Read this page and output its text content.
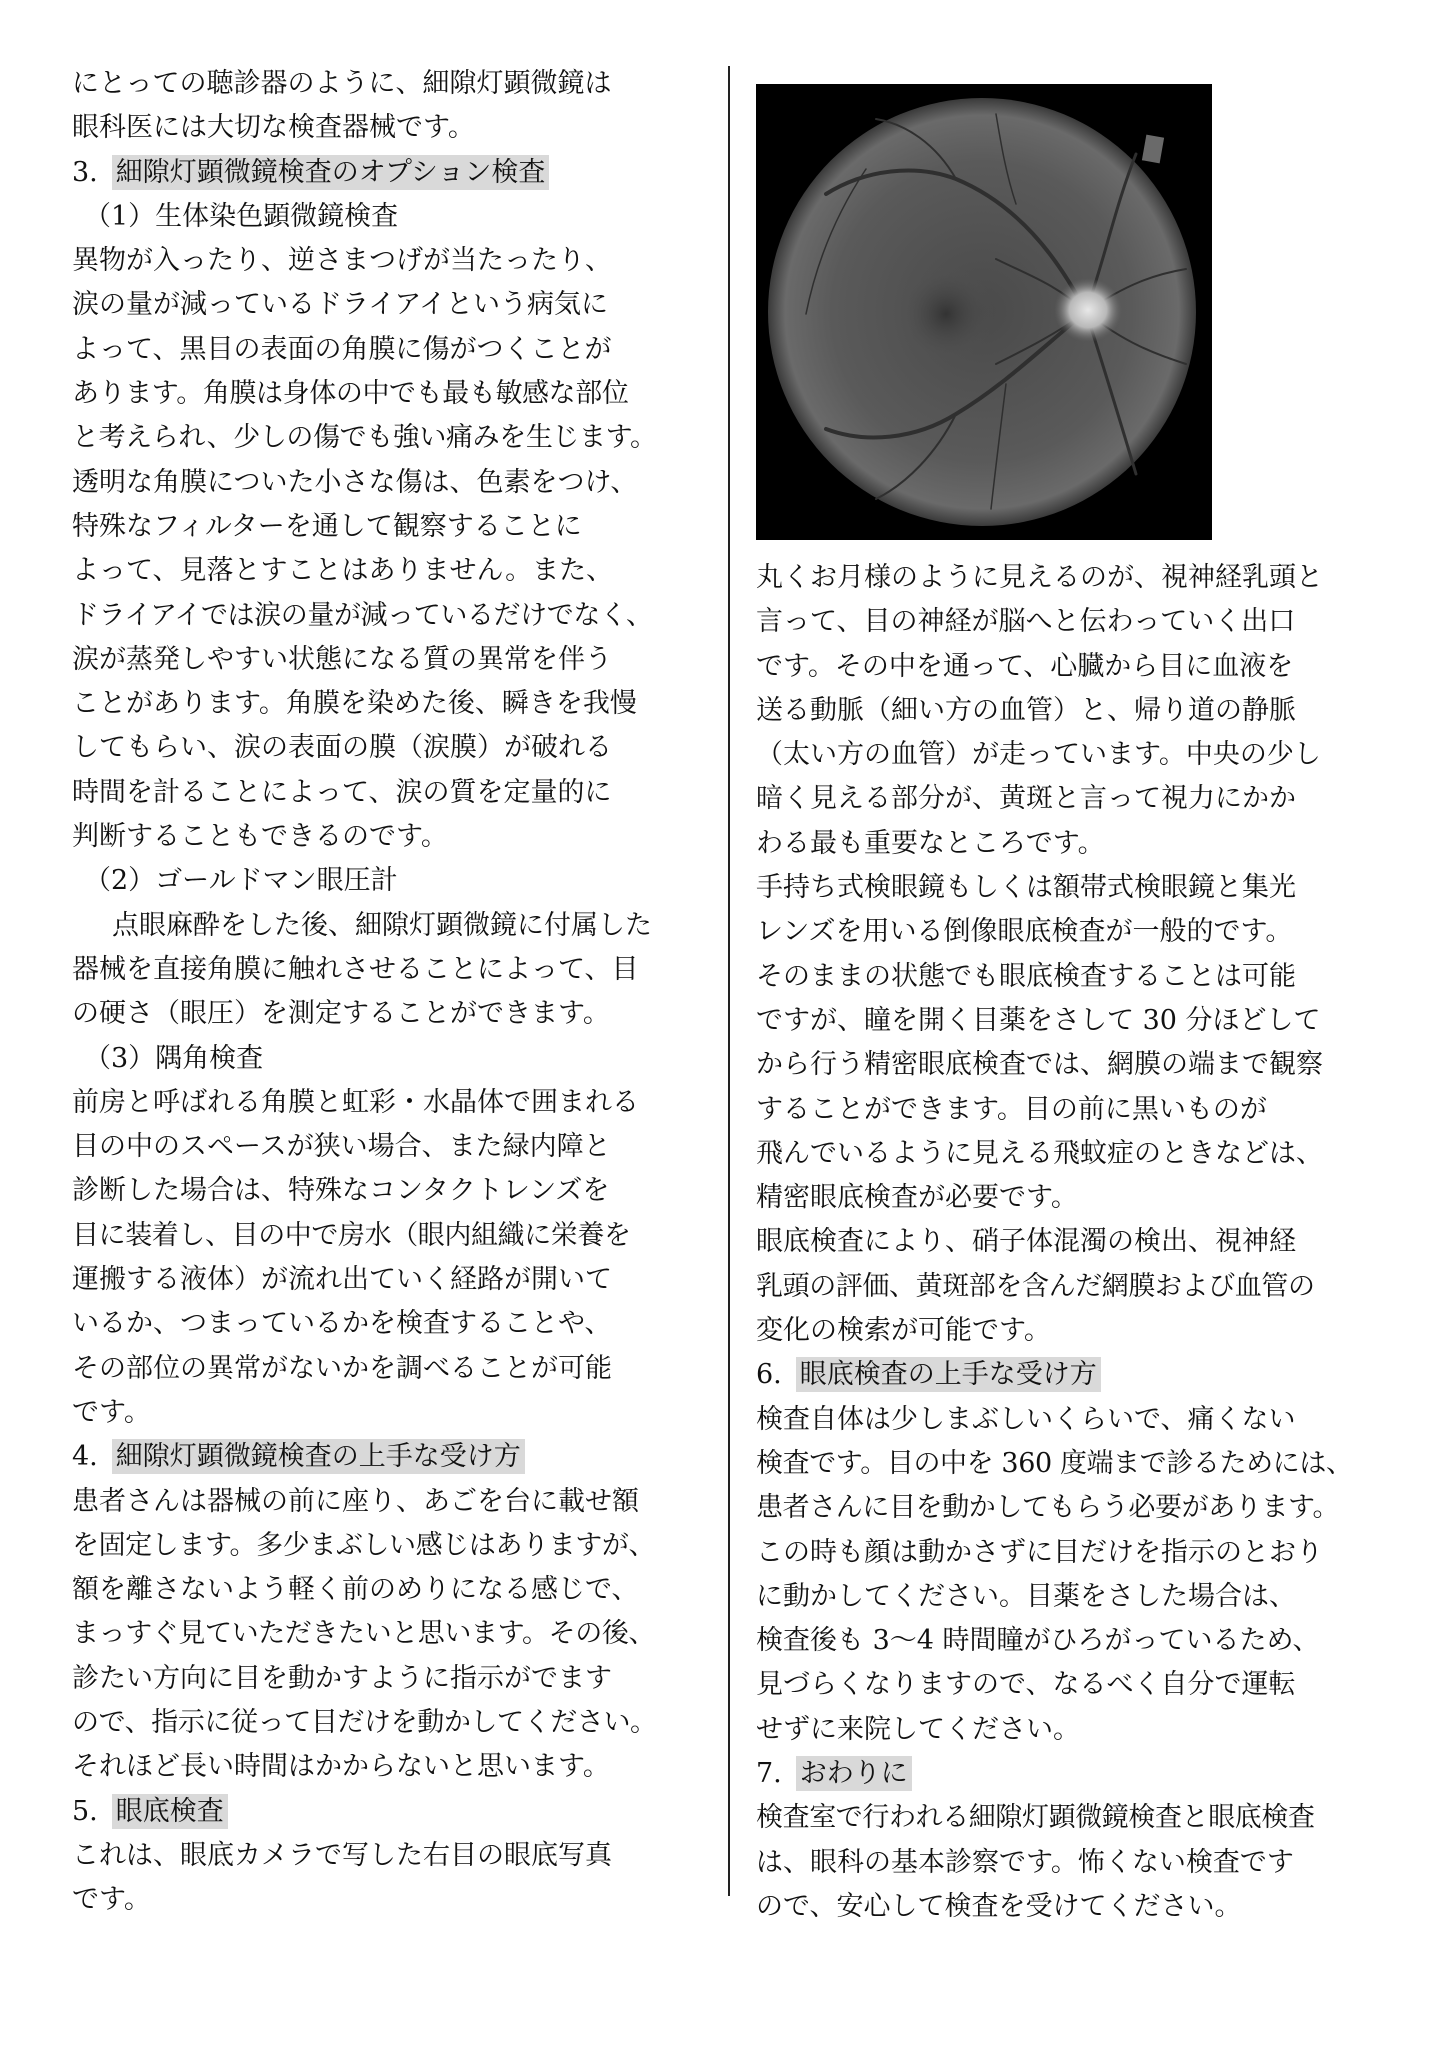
にとっての聴診器のように、細隙灯顕微鏡は
眼科医には大切な検査器械です。
3. 細隙灯顕微鏡検査のオプション検査
（1）生体染色顕微鏡検査
異物が入ったり、逆さまつげが当たったり、
涙の量が減っているドライアイという病気に
よって、黒目の表面の角膜に傷がつくことが
あります。角膜は身体の中でも最も敏感な部位
と考えられ、少しの傷でも強い痛みを生じます。
透明な角膜についた小さな傷は、色素をつけ、
特殊なフィルターを通して観察することに
よって、見落とすことはありません。また、
ドライアイでは涙の量が減っているだけでなく、
涙が蒸発しやすい状態になる質の異常を伴う
ことがあります。角膜を染めた後、瞬きを我慢
してもらい、涙の表面の膜（涙膜）が破れる
時間を計ることによって、涙の質を定量的に
判断することもできるのです。
（2）ゴールドマン眼圧計
点眼麻酔をした後、細隙灯顕微鏡に付属した
器械を直接角膜に触れさせることによって、目
の硬さ（眼圧）を測定することができます。
（3）隅角検査
前房と呼ばれる角膜と虹彩・水晶体で囲まれる
目の中のスペースが狭い場合、また緑内障と
診断した場合は、特殊なコンタクトレンズを
目に装着し、目の中で房水（眼内組織に栄養を
運搬する液体）が流れ出ていく経路が開いて
いるか、つまっているかを検査することや、
その部位の異常がないかを調べることが可能
です。
4. 細隙灯顕微鏡検査の上手な受け方
患者さんは器械の前に座り、あごを台に載せ額
を固定します。多少まぶしい感じはありますが、
額を離さないよう軽く前のめりになる感じで、
まっすぐ見ていただきたいと思います。その後、
診たい方向に目を動かすように指示がでます
ので、指示に従って目だけを動かしてください。
それほど長い時間はかからないと思います。
5. 眼底検査
これは、眼底カメラで写した右目の眼底写真
です。
丸くお月様のように見えるのが、視神経乳頭と
言って、目の神経が脳へと伝わっていく出口
です。その中を通って、心臓から目に血液を
送る動脈（細い方の血管）と、帰り道の静脈
（太い方の血管）が走っています。中央の少し
暗く見える部分が、黄斑と言って視力にかか
わる最も重要なところです。
手持ち式検眼鏡もしくは額帯式検眼鏡と集光
レンズを用いる倒像眼底検査が一般的です。
そのままの状態でも眼底検査することは可能
ですが、瞳を開く目薬をさして 30 分ほどして
から行う精密眼底検査では、網膜の端まで観察
することができます。目の前に黒いものが
飛んでいるように見える飛蚊症のときなどは、
精密眼底検査が必要です。
眼底検査により、硝子体混濁の検出、視神経
乳頭の評価、黄斑部を含んだ網膜および血管の
変化の検索が可能です。
6. 眼底検査の上手な受け方
検査自体は少しまぶしいくらいで、痛くない
検査です。目の中を 360 度端まで診るためには、
患者さんに目を動かしてもらう必要があります。
この時も顔は動かさずに目だけを指示のとおり
に動かしてください。目薬をさした場合は、
検査後も 3～4 時間瞳がひろがっているため、
見づらくなりますので、なるべく自分で運転
せずに来院してください。
7. おわりに
検査室で行われる細隙灯顕微鏡検査と眼底検査
は、眼科の基本診察です。怖くない検査です
ので、安心して検査を受けてください。
